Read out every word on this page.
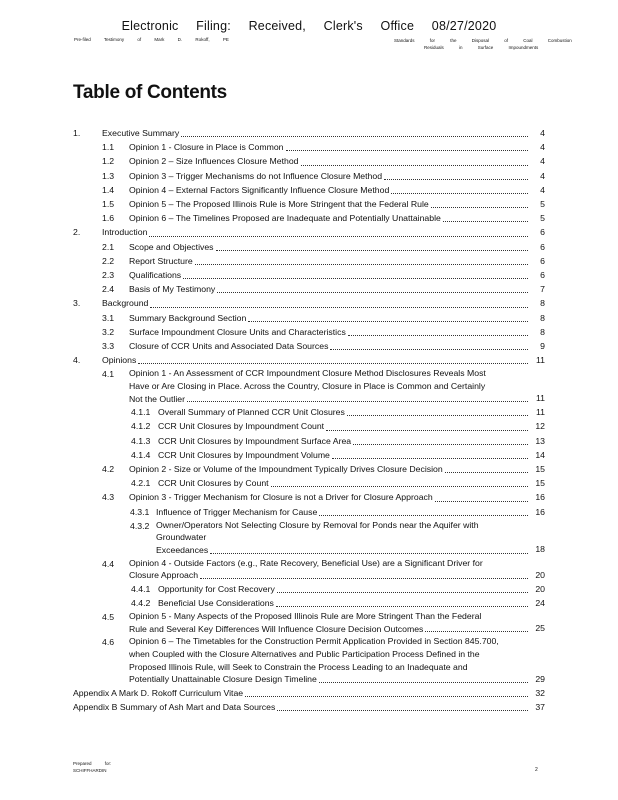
Electronic Filing: Received, Clerk's Office 08/27/2020
Pre-filed Testimony of Mark D. Rokoff, PE	Standards for the Disposal of Coal Combustion
Residuals in Surface Impoundments
Table of Contents
1.	Executive Summary	4
1.1	Opinion 1 - Closure in Place is Common	4
1.2	Opinion 2 – Size Influences Closure Method	4
1.3	Opinion 3 – Trigger Mechanisms do not Influence Closure Method	4
1.4	Opinion 4 – External Factors Significantly Influence Closure Method	4
1.5	Opinion 5 – The Proposed Illinois Rule is More Stringent that the Federal Rule	5
1.6	Opinion 6 – The Timelines Proposed are Inadequate and Potentially Unattainable	5
2.	Introduction	6
2.1	Scope and Objectives	6
2.2	Report Structure	6
2.3	Qualifications	6
2.4	Basis of My Testimony	7
3.	Background	8
3.1	Summary Background Section	8
3.2	Surface Impoundment Closure Units and Characteristics	8
3.3	Closure of CCR Units and Associated Data Sources	9
4.	Opinions	11
4.1	Opinion 1 - An Assessment of CCR Impoundment Closure Method Disclosures Reveals Most
Have or Are Closing in Place. Across the Country, Closure in Place is Common and Certainly
Not the Outlier	11
4.1.1 Overall Summary of Planned CCR Unit Closures	11
4.1.2 CCR Unit Closures by Impoundment Count	12
4.1.3 CCR Unit Closures by Impoundment Surface Area	13
4.1.4 CCR Unit Closures by Impoundment Volume	14
4.2	Opinion 2 - Size or Volume of the Impoundment Typically Drives Closure Decision	15
4.2.1 CCR Unit Closures by Count	15
4.3	Opinion 3 - Trigger Mechanism for Closure is not a Driver for Closure Approach	16
4.3.1 Influence of Trigger Mechanism for Cause	16
4.3.2 Owner/Operators Not Selecting Closure by Removal for Ponds near the Aquifer with Groundwater
Exceedances	18
4.4	Opinion 4 - Outside Factors (e.g., Rate Recovery, Beneficial Use) are a Significant Driver for
Closure Approach	20
4.4.1 Opportunity for Cost Recovery	20
4.4.2 Beneficial Use Considerations	24
4.5	Opinion 5 - Many Aspects of the Proposed Illinois Rule are More Stringent Than the Federal
Rule and Several Key Differences Will Influence Closure Decision Outcomes	25
4.6	Opinion 6 – The Timetables for the Construction Permit Application Provided in Section 845.700,
when Coupled with the Closure Alternatives and Public Participation Process Defined in the
Proposed Illinois Rule, will Seek to Constrain the Process Leading to an Inadequate and
Potentially Unattainable Closure Design Timeline	29
Appendix A Mark D. Rokoff Curriculum Vitae	32
Appendix B Summary of Ash Mart and Data Sources	37
Prepared for:
SCHIFFHARDIN	2
